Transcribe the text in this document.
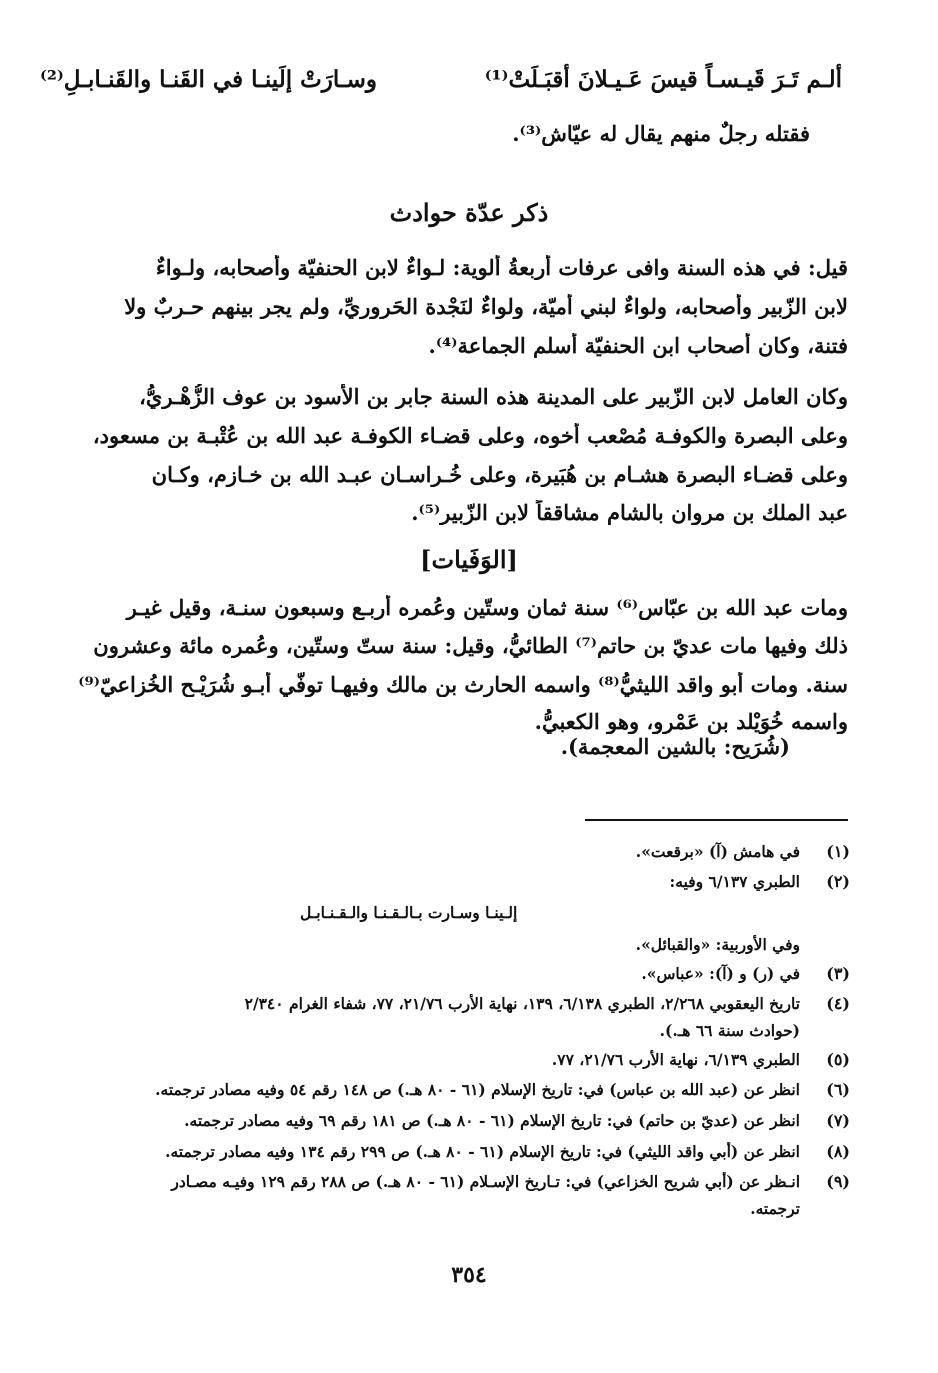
ألـم تَـرَ قَيـسـاً قيسَ عَـيـلانَ أقبَـلَتْ⁽¹⁾
وسـارَتْ إلَينـا في القَنـا والقَنـابـلِ⁽²⁾
فقتله رجلٌ منهم يقال له عيّاش⁽³⁾.
ذكر عدّة حوادث
قيل: في هذه السنة وافى عرفات أربعةُ ألوية: لـواءٌ لابن الحنفيّة وأصحابه، ولـواءٌ
لابن الزّبير وأصحابه، ولواءٌ لبني أُميّة، ولواءٌ لنَجْدة الحَروريِّ، ولم يجرِ بينهم حـربٌ ولا
فتنة، وكان أصحاب ابن الحنفيّة أسلم الجماعة⁽⁴⁾.
وكان العامل لابن الزّبير على المدينة هذه السنة جابر بن الأسود بن عوف الزُّهْـريُّ،
وعلى البصرة والكوفـة مُصْعب أخوه، وعلى قضـاء الكوفـة عبد الله بن عُتْبـة بن مسعود،
وعلى قضـاء البصرة هشـام بن هُبَيرة، وعلى خُـراسـان عبـد الله بن خـازم، وكـان
عبد الملك بن مروان بالشام مشاققاً لابن الزّبير⁽⁵⁾.
[الوَفَيات]
ومات عبد الله بن عبّاس⁽⁶⁾ سنة ثمان وستّين وعُمره أربـع وسبعون سنـة، وقيل غيـر
ذلك وفيها مات عديّ بن حاتم⁽⁷⁾ الطائيُّ، وقيل: سنة ستّ وستّين، وعُمره مائة وعشرون
سنة. ومات أبو واقد الليثيُّ⁽⁸⁾ واسمه الحارث بن مالك وفيهـا توفّي أبـو شُرَيْـح الخُزاعيّ⁽⁹⁾
واسمه خُوَيْلد بن عَمْرو، وهو الكعبيُّ.
(شُرَيح: بالشين المعجمة).
(١)
في هامش (آ) «برقعت».
(٢)
الطبري ٦/١٣٧ وفيه:
إلـينـا وسـارت بـالـقـنـا والـقـنـابـل
وفي الأوربية: «والقبائل».
(٣)
في (ر) و (آ): «عباس».
(٤)
تاريخ اليعقوبي ٢/٢٦٨، الطبري ٦/١٣٨، ١٣٩، نهاية الأرب ٢١/٧٦، ٧٧، شفاء الغرام ٢/٣٤٠
(حوادث سنة ٦٦ هـ.).
(٥)
الطبري ٦/١٣٩، نهاية الأرب ٢١/٧٦، ٧٧.
(٦)
انظر عن (عبد الله بن عباس) في: تاريخ الإسلام (٦١ - ٨٠ هـ.) ص ١٤٨ رقم ٥٤ وفيه مصادر ترجمته.
(٧)
انظر عن (عديّ بن حاتم) في: تاريخ الإسلام (٦١ - ٨٠ هـ.) ص ١٨١ رقم ٦٩ وفيه مصادر ترجمته.
(٨)
انظر عن (أبي واقد الليثي) في: تاريخ الإسلام (٦١ - ٨٠ هـ.) ص ٢٩٩ رقم ١٣٤ وفيه مصادر ترجمته.
(٩)
انـظر عن (أبي شريح الخزاعي) في: تـاريخ الإسـلام (٦١ - ٨٠ هـ.) ص ٢٨٨ رقم ١٢٩ وفيـه مصـادر
ترجمته.
٣٥٤
